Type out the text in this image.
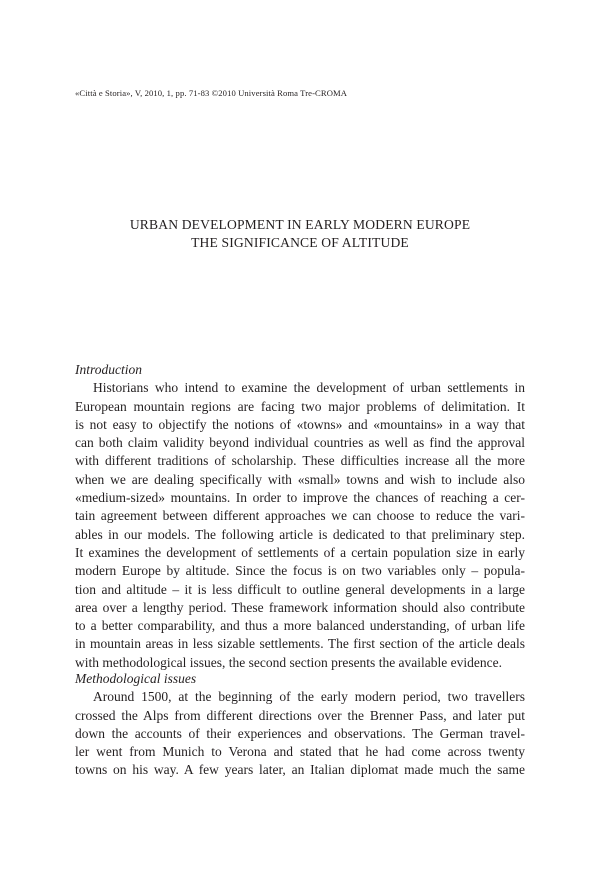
«Città e Storia», V, 2010, 1, pp. 71-83 ©2010 Università Roma Tre-CROMA
URBAN DEVELOPMENT IN EARLY MODERN EUROPE
THE SIGNIFICANCE OF ALTITUDE

Introduction

Historians who intend to examine the development of urban settlements in
European mountain regions are facing two major problems of delimitation. It
is not easy to objectify the notions of «towns» and «mountains» in a way that
can both claim validity beyond individual countries as well as find the approval
with different traditions of scholarship. These difficulties increase all the more
when we are dealing specifically with «small» towns and wish to include also
«medium-sized» mountains. In order to improve the chances of reaching a cer-
tain agreement between different approaches we can choose to reduce the vari-
ables in our models. The following article is dedicated to that preliminary step.
It examines the development of settlements of a certain population size in early
modern Europe by altitude. Since the focus is on two variables only – popula-
tion and altitude – it is less difficult to outline general developments in a large
area over a lengthy period. These framework information should also contribute
to a better comparability, and thus a more balanced understanding, of urban life
in mountain areas in less sizable settlements. The first section of the article deals
with methodological issues, the second section presents the available evidence.

Methodological issues

Around 1500, at the beginning of the early modern period, two travellers
crossed the Alps from different directions over the Brenner Pass, and later put
down the accounts of their experiences and observations. The German travel-
ler went from Munich to Verona and stated that he had come across twenty
towns on his way. A few years later, an Italian diplomat made much the same
